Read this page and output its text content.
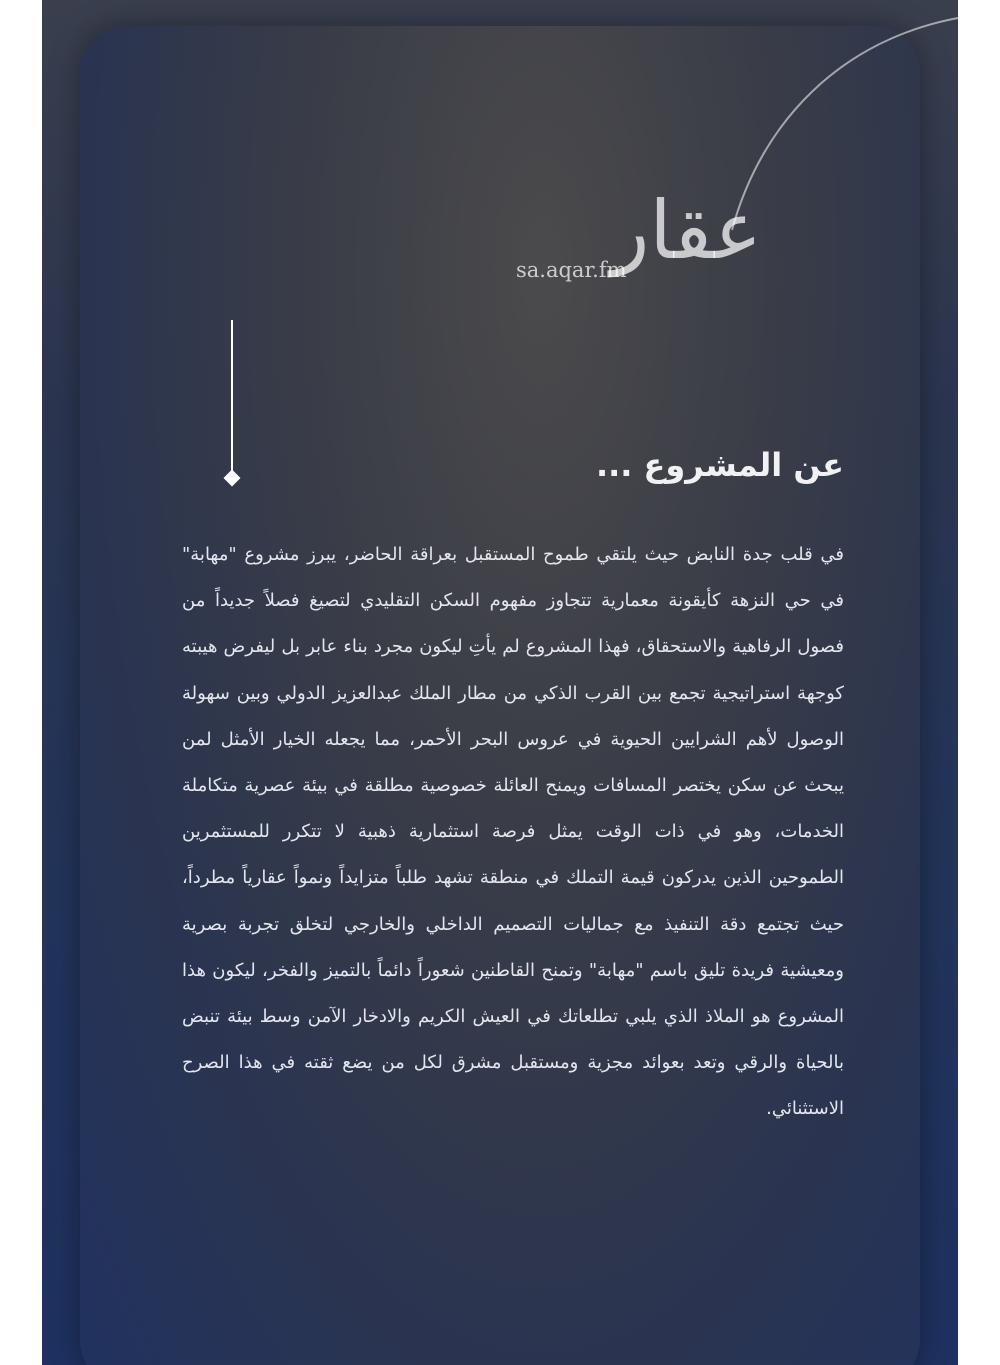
عقار
sa.aqar.fm
عن المشروع ...

في قلب جدة النابض حيث يلتقي طموح المستقبل بعراقة الحاضر، يبرز مشروع "مهابة" في حي النزهة كأيقونة معمارية تتجاوز مفهوم السكن التقليدي لتصيغ فصلاً جديداً من فصول الرفاهية والاستحقاق، فهذا المشروع لم يأتِ ليكون مجرد بناء عابر بل ليفرض هيبته كوجهة استراتيجية تجمع بين القرب الذكي من مطار الملك عبدالعزيز الدولي وبين سهولة الوصول لأهم الشرايين الحيوية في عروس البحر الأحمر، مما يجعله الخيار الأمثل لمن يبحث عن سكن يختصر المسافات ويمنح العائلة خصوصية مطلقة في بيئة عصرية متكاملة الخدمات، وهو في ذات الوقت يمثل فرصة استثمارية ذهبية لا تتكرر للمستثمرين الطموحين الذين يدركون قيمة التملك في منطقة تشهد طلباً متزايداً ونمواً عقارياً مطرداً، حيث تجتمع دقة التنفيذ مع جماليات التصميم الداخلي والخارجي لتخلق تجربة بصرية ومعيشية فريدة تليق باسم "مهابة" وتمنح القاطنين شعوراً دائماً بالتميز والفخر، ليكون هذا المشروع هو الملاذ الذي يلبي تطلعاتك في العيش الكريم والادخار الآمن وسط بيئة تنبض بالحياة والرقي وتعد بعوائد مجزية ومستقبل مشرق لكل من يضع ثقته في هذا الصرح الاستثنائي.
